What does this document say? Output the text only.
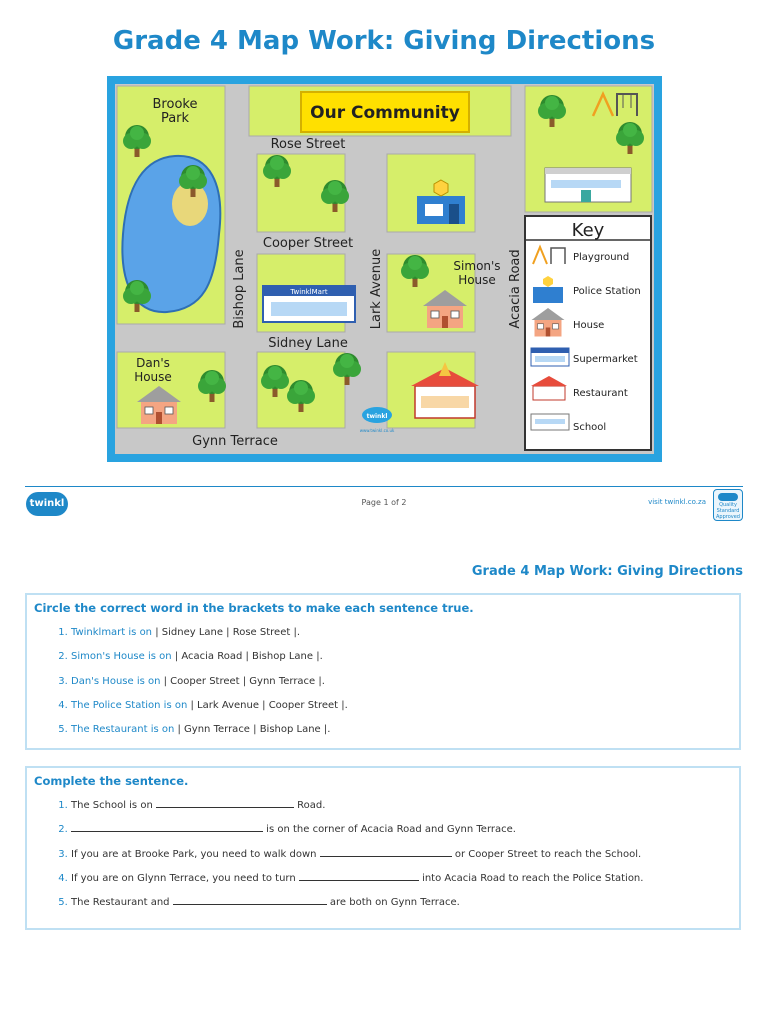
Grade 4 Map Work: Giving Directions
Our Community
Brooke
Park
Rose Street
Cooper Street
Sidney Lane
Gynn Terrace
Bishop Lane	Lark Avenue	Acacia Road
Simon's
House
Dan's
House
TwinklMart
twinkl
www.twinkl.co.uk
Key
Playground
Police Station
House
Supermarket
Restaurant
School
twinkl	Page 1 of 2	visit twinkl.co.za	Quality Standard Approved
Grade 4 Map Work: Giving Directions
Circle the correct word in the brackets to make each sentence true.
1. Twinklmart is on | Sidney Lane | Rose Street |.
2. Simon's House is on | Acacia Road | Bishop Lane |.
3. Dan's House is on | Cooper Street | Gynn Terrace |.
4. The Police Station is on | Lark Avenue | Cooper Street |.
5. The Restaurant is on | Gynn Terrace | Bishop Lane |.
Complete the sentence.
1. The School is on	Road.
2. is on the corner of Acacia Road and Gynn Terrace.
3. If you are at Brooke Park, you need to walk down	or Cooper Street to reach the School.
4. If you are on Glynn Terrace, you need to turn	into Acacia Road to reach the Police Station.
5. The Restaurant and	are both on Gynn Terrace.
